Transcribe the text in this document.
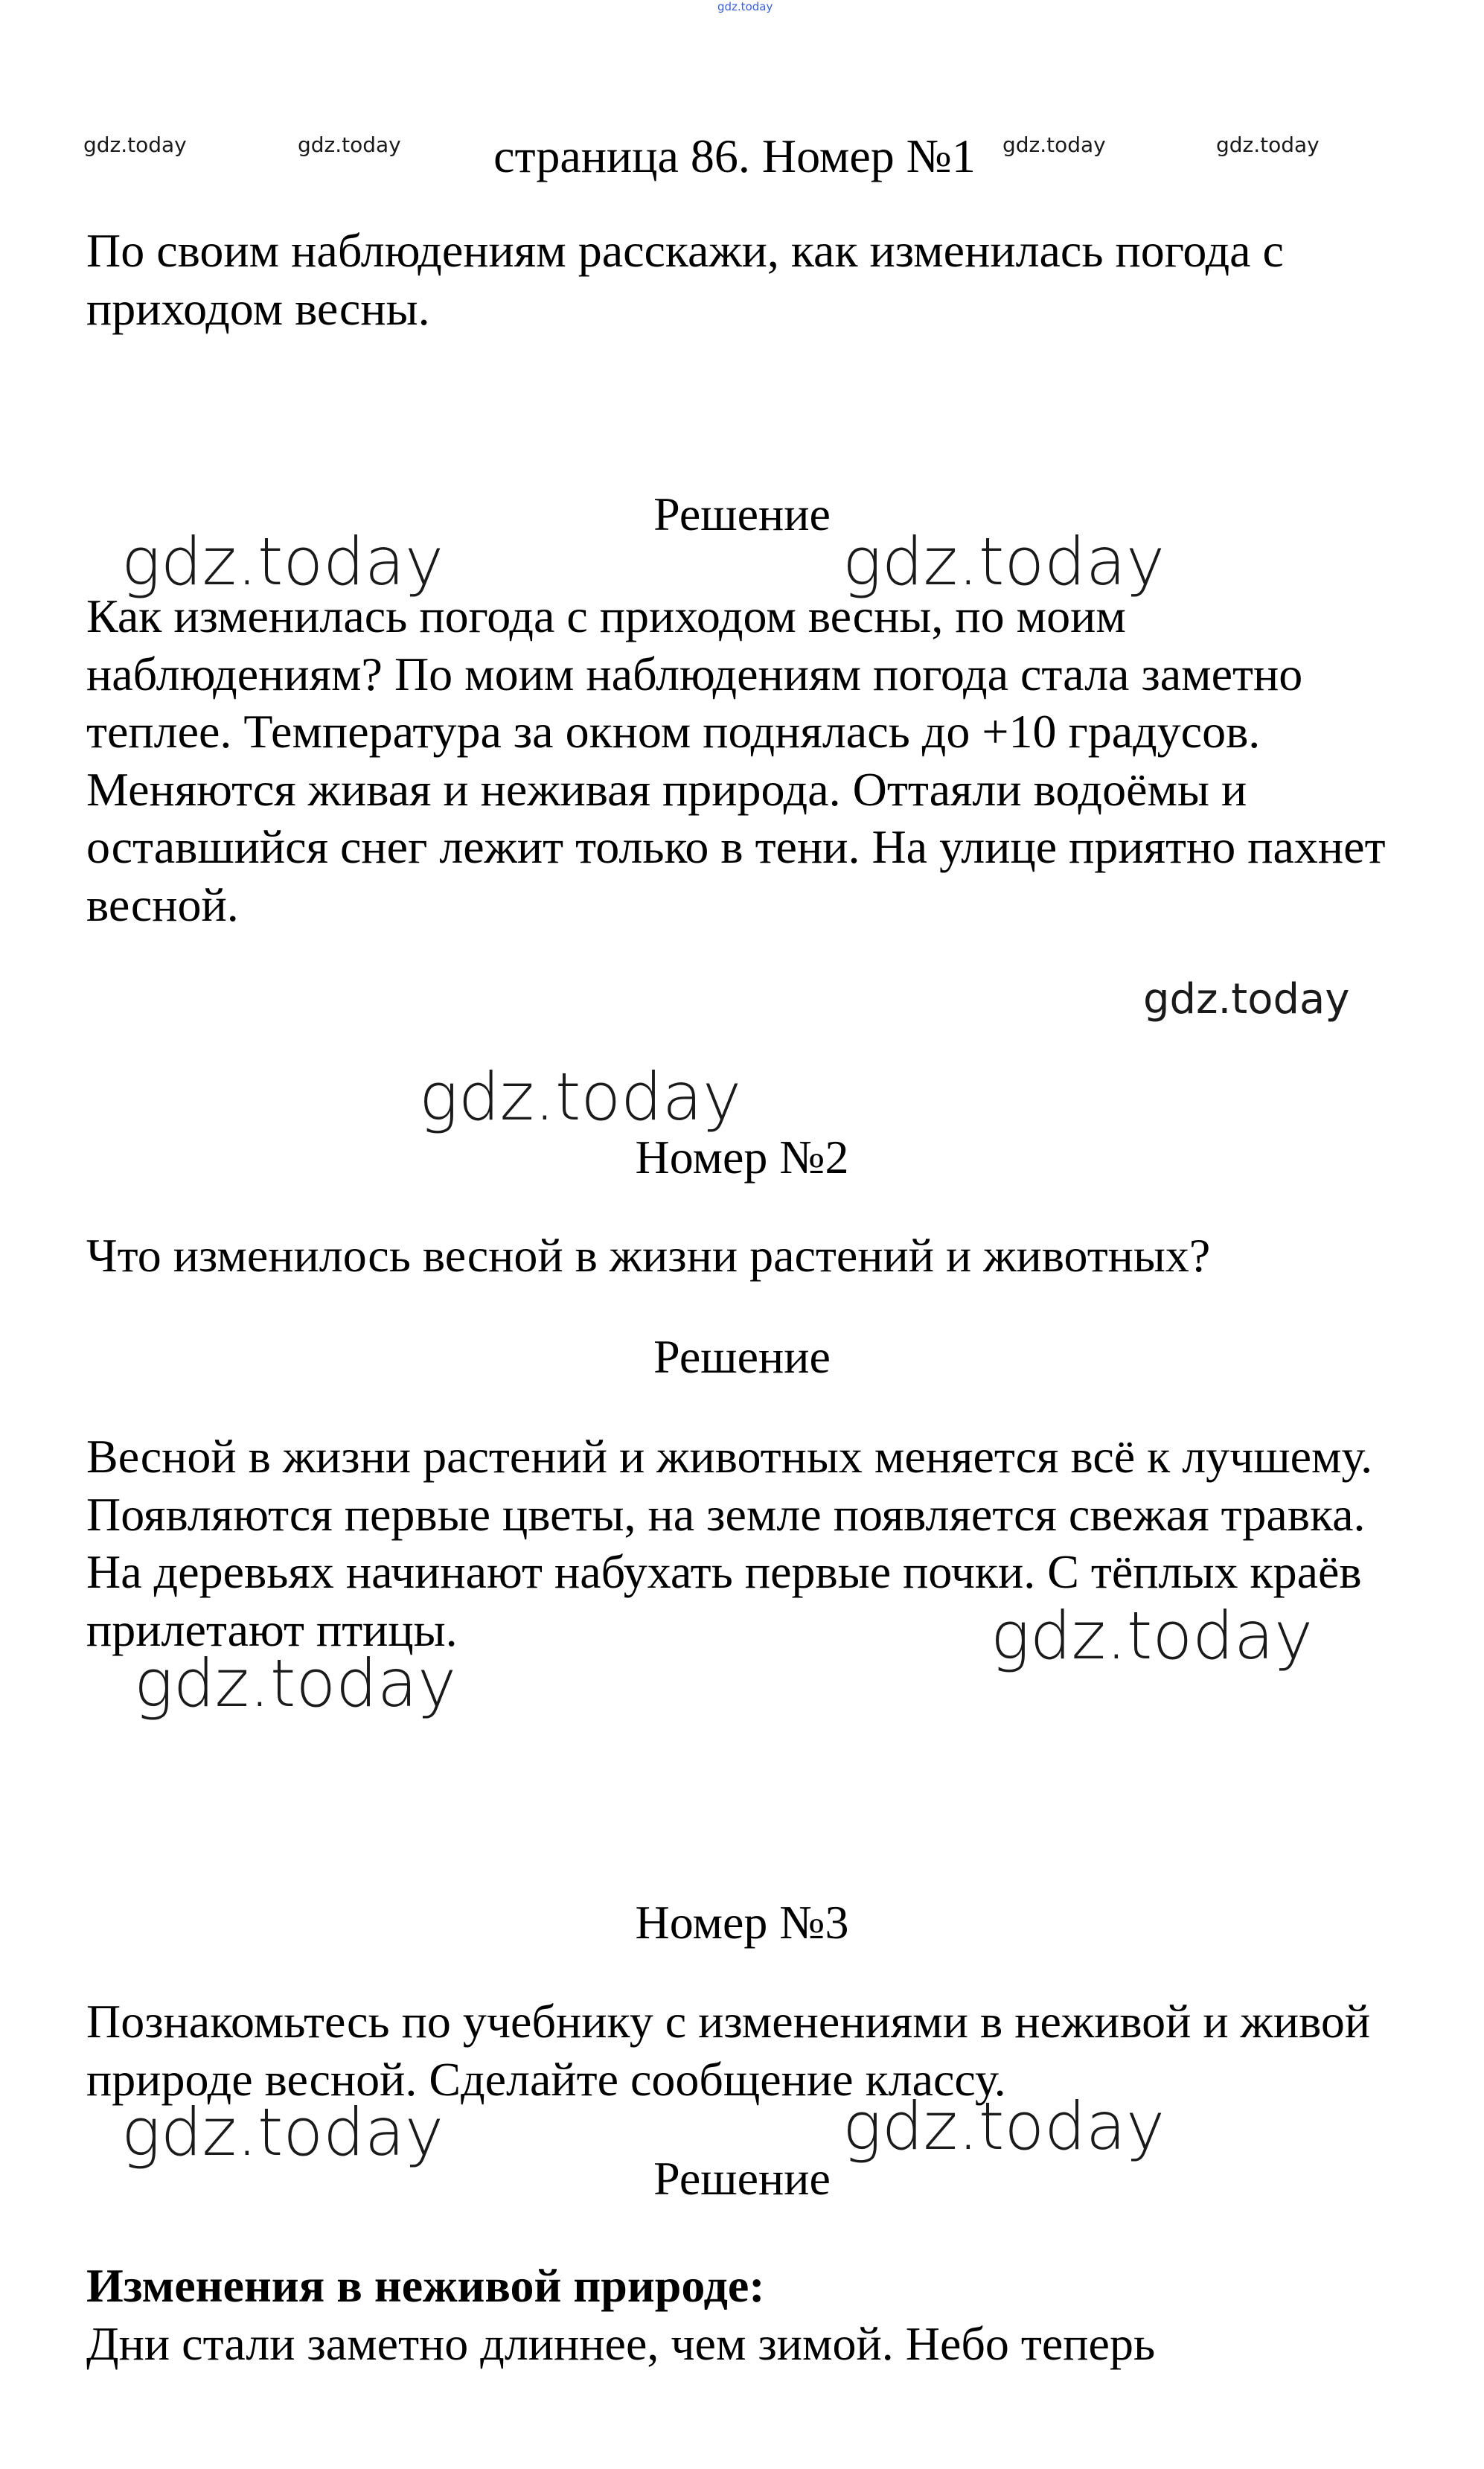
gdz.today
gdz.today	gdz.today	gdz.today	gdz.today
gdz.today	gdz.today
gdz.today
gdz.today
gdz.today
gdz.today
gdz.today	gdz.today
страница 86. Номер №1

По своим наблюдениям расскажи, как изменилась погода с приходом весны.

Решение

Как изменилась погода с приходом весны, по моим наблюдениям? По моим наблюдениям погода стала заметно теплее. Температура за окном поднялась до +10 градусов. Меняются живая и неживая природа. Оттаяли водоёмы и оставшийся снег лежит только в тени. На улице приятно пахнет весной.

Номер №2

Что изменилось весной в жизни растений и животных?

Решение

Весной в жизни растений и животных меняется всё к лучшему. Появляются первые цветы, на земле появляется свежая травка. На деревьях начинают набухать первые почки. С тёплых краёв прилетают птицы.

Номер №3

Познакомьтесь по учебнику с изменениями в неживой и живой природе весной. Сделайте сообщение классу.

Решение

Изменения в неживой природе:

Дни стали заметно длиннее, чем зимой. Небо теперь
